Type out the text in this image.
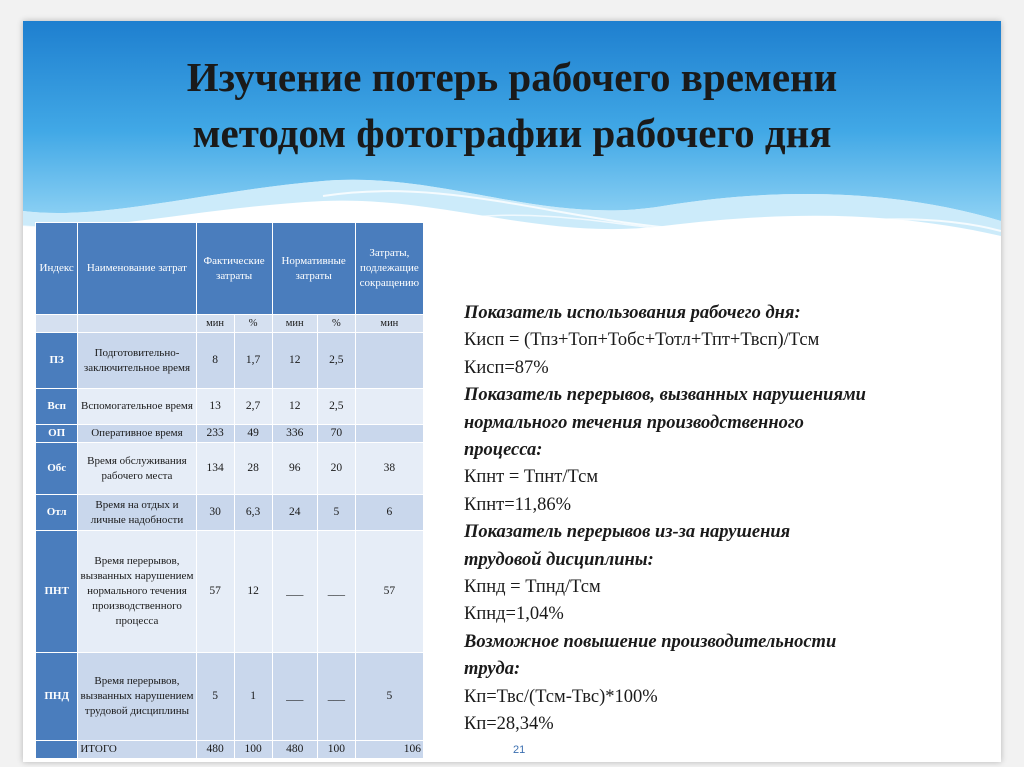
Изучение потерь рабочего времени
методом фотографии рабочего дня
Индекс	Наименование затрат	Фактические затраты		Нормативные затраты		Затраты, подлежащие сокращению
		мин	%	мин	%	мин
ПЗ	Подготовительно-заключительное время	8	1,7	12	2,5	
Всп	Вспомогательное время	13	2,7	12	2,5	
ОП	Оперативное время	233	49	336	70	
Обс	Время обслуживания рабочего места	134	28	96	20	38
Отл	Время на отдых и личные надобности	30	6,3	24	5	6
ПНТ	Время перерывов, вызванных нарушением нормального течения производственного процесса	57	12	___	___	57
ПНД	Время перерывов, вызванных нарушением трудовой дисциплины	5	1	___	___	5
	ИТОГО	480	100	480	100	106
Показатель использования рабочего дня:
Кисп = (Тпз+Топ+Тобс+Тотл+Тпт+Твсп)/Тсм
Кисп=87%
Показатель перерывов, вызванных нарушениями
нормального течения производственного
процесса:
Кпнт = Тпнт/Тсм
Кпнт=11,86%
Показатель перерывов из-за нарушения
трудовой дисциплины:
Кпнд = Тпнд/Тсм
Кпнд=1,04%
Возможное повышение производительности
труда:
Кп=Твс/(Тсм-Твс)*100%
Кп=28,34%
21
